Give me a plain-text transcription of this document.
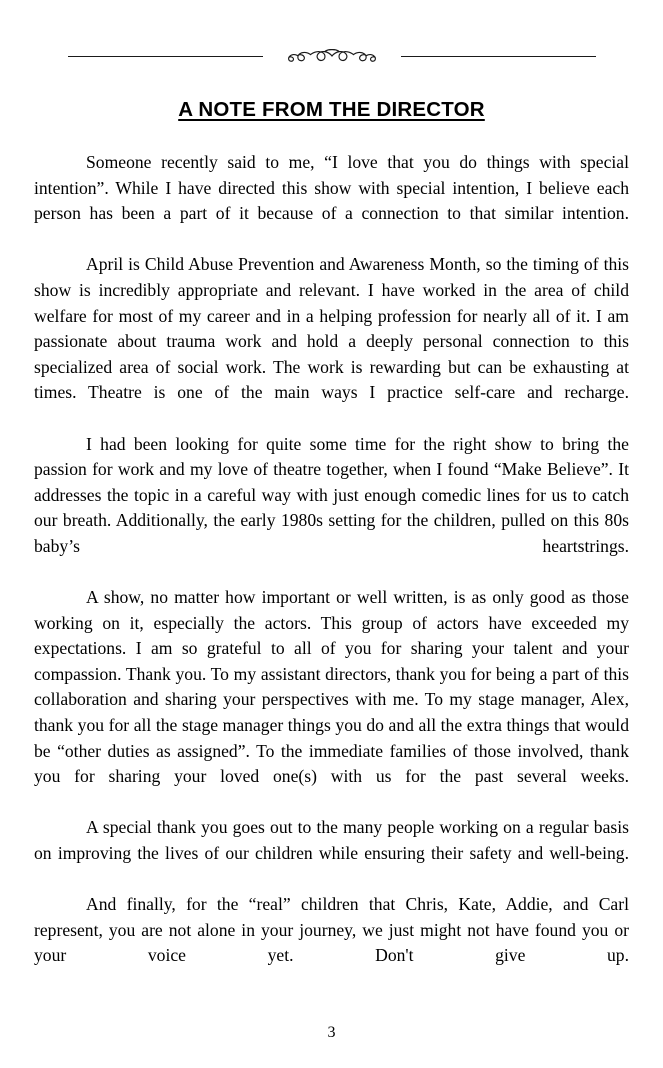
A NOTE FROM THE DIRECTOR

Someone recently said to me, “I love that you do things with special intention”. While I have directed this show with special intention, I believe each person has been a part of it because of a connection to that similar intention.

April is Child Abuse Prevention and Awareness Month, so the timing of this show is incredibly appropriate and relevant. I have worked in the area of child welfare for most of my career and in a helping profession for nearly all of it. I am passionate about trauma work and hold a deeply personal connection to this specialized area of social work. The work is rewarding but can be exhausting at times. Theatre is one of the main ways I practice self-care and recharge.

I had been looking for quite some time for the right show to bring the passion for work and my love of theatre together, when I found “Make Believe”. It addresses the topic in a careful way with just enough comedic lines for us to catch our breath. Additionally, the early 1980s setting for the children, pulled on this 80s baby’s heartstrings.

A show, no matter how important or well written, is as only good as those working on it, especially the actors. This group of actors have exceeded my expectations. I am so grateful to all of you for sharing your talent and your compassion. Thank you. To my assistant directors, thank you for being a part of this collaboration and sharing your perspectives with me. To my stage manager, Alex, thank you for all the stage manager things you do and all the extra things that would be “other duties as assigned”. To the immediate families of those involved, thank you for sharing your loved one(s) with us for the past several weeks.

A special thank you goes out to the many people working on a regular basis on improving the lives of our children while ensuring their safety and well-being.

And finally, for the “real” children that Chris, Kate, Addie, and Carl represent, you are not alone in your journey, we just might not have found you or your voice yet. Don't give up.

3
